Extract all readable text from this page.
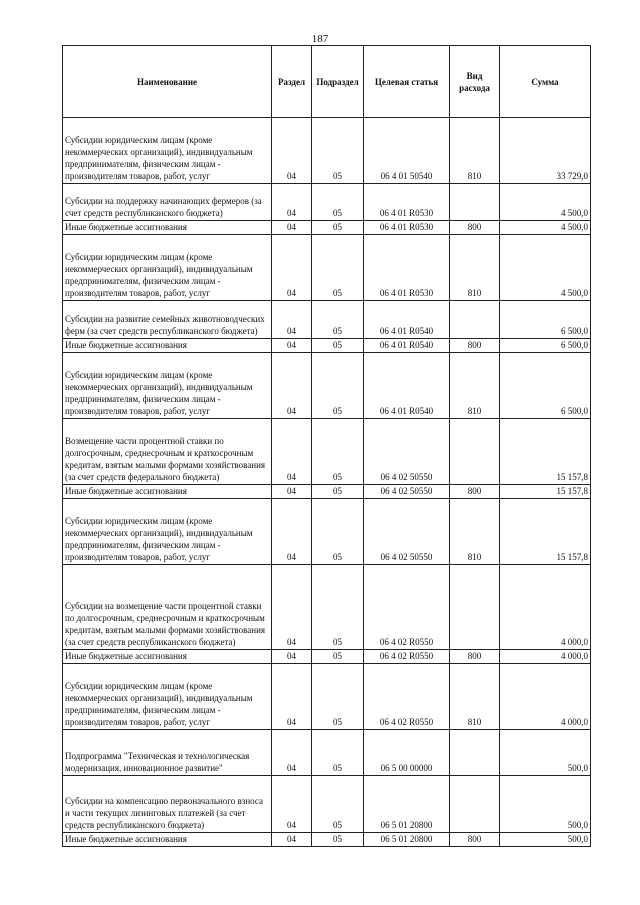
187
Наименование	Раздел	Подраздел	Целевая статья	Вид расхода	Сумма
Субсидии юридическим лицам (кроме некоммерческих организаций), индивидуальным предпринимателям, физическим лицам - производителям товаров, работ, услуг	04	05	06 4 01 50540	810	33 729,0
Субсидии на поддержку начинающих фермеров (за счет средств республиканского бюджета)	04	05	06 4 01 R0530		4 500,0
Иные бюджетные ассигнования	04	05	06 4 01 R0530	800	4 500,0
Субсидии юридическим лицам (кроме некоммерческих организаций), индивидуальным предпринимателям, физическим лицам - производителям товаров, работ, услуг	04	05	06 4 01 R0530	810	4 500,0
Субсидии на развитие семейных животноводческих ферм (за счет средств республиканского бюджета)	04	05	06 4 01 R0540		6 500,0
Иные бюджетные ассигнования	04	05	06 4 01 R0540	800	6 500,0
Субсидии юридическим лицам (кроме некоммерческих организаций), индивидуальным предпринимателям, физическим лицам - производителям товаров, работ, услуг	04	05	06 4 01 R0540	810	6 500,0
Возмещение части процентной ставки по долгосрочным, среднесрочным и краткосрочным кредитам, взятым малыми формами хозяйствования (за счет средств федерального бюджета)	04	05	06 4 02 50550		15 157,8
Иные бюджетные ассигнования	04	05	06 4 02 50550	800	15 157,8
Субсидии юридическим лицам (кроме некоммерческих организаций), индивидуальным предпринимателям, физическим лицам - производителям товаров, работ, услуг	04	05	06 4 02 50550	810	15 157,8
Субсидии на возмещение части процентной ставки по долгосрочным, среднесрочным и краткосрочным кредитам, взятым малыми формами хозяйствования (за счет средств республиканского бюджета)	04	05	06 4 02 R0550		4 000,0
Иные бюджетные ассигнования	04	05	06 4 02 R0550	800	4 000,0
Субсидии юридическим лицам (кроме некоммерческих организаций), индивидуальным предпринимателям, физическим лицам - производителям товаров, работ, услуг	04	05	06 4 02 R0550	810	4 000,0
Подпрограмма "Техническая и технологическая модернизация, инновационное развитие"	04	05	06 5 00 00000		500,0
Субсидии на компенсацию первоначального взноса и части текущих лизинговых платежей (за счет средств республиканского бюджета)	04	05	06 5 01 20800		500,0
Иные бюджетные ассигнования	04	05	06 5 01 20800	800	500,0
